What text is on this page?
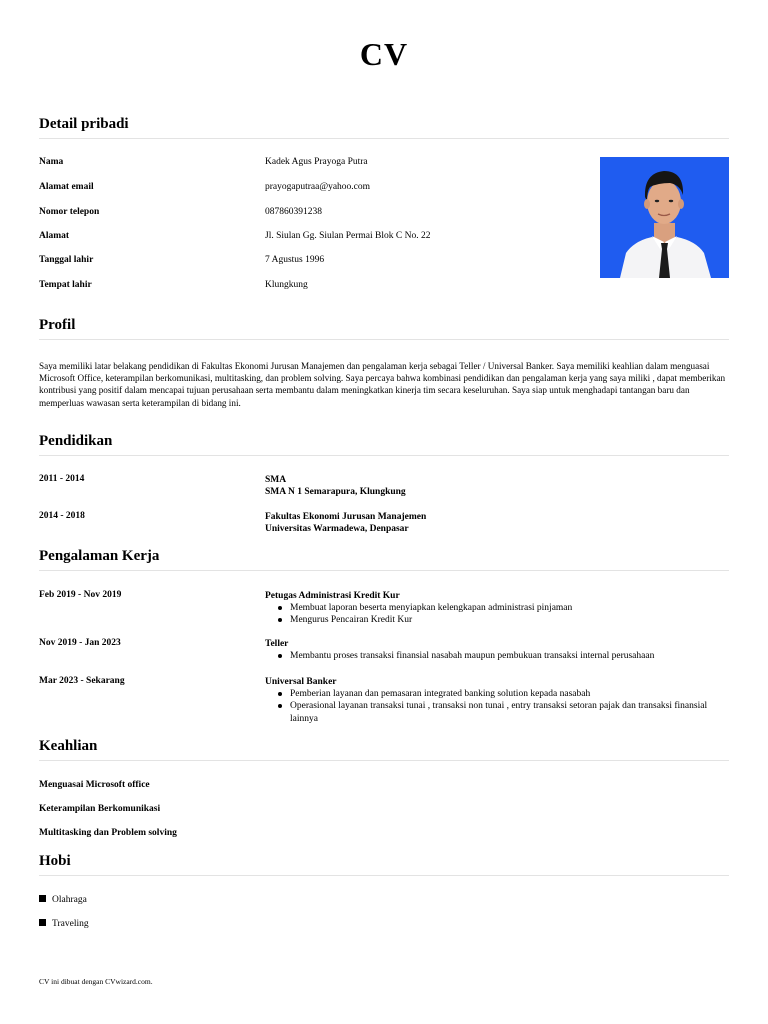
CV
Detail pribadi
Nama	Kadek Agus Prayoga Putra
Alamat email	prayogaputraa@yahoo.com
Nomor telepon	087860391238
Alamat	Jl. Siulan Gg. Siulan Permai Blok C No. 22
Tanggal lahir	7 Agustus 1996
Tempat lahir	Klungkung
Profil
Saya memiliki latar belakang pendidikan di Fakultas Ekonomi Jurusan Manajemen dan pengalaman kerja sebagai Teller / Universal Banker. Saya memiliki keahlian dalam menguasai Microsoft Office, keterampilan berkomunikasi, multitasking, dan problem solving. Saya percaya bahwa kombinasi pendidikan dan pengalaman kerja yang saya miliki , dapat memberikan kontribusi yang positif dalam mencapai tujuan perusahaan serta membantu dalam meningkatkan kinerja tim secara keseluruhan. Saya siap untuk menghadapi tantangan baru dan memperluas wawasan serta keterampilan di bidang ini.
Pendidikan
2011 - 2014	SMA
SMA N 1 Semarapura, Klungkung
2014 - 2018	Fakultas Ekonomi Jurusan Manajemen
Universitas Warmadewa, Denpasar
Pengalaman Kerja
Feb 2019 - Nov 2019	Petugas Administrasi Kredit Kur
Membuat laporan beserta menyiapkan kelengkapan administrasi pinjaman
Mengurus Pencairan Kredit Kur
Nov 2019 - Jan 2023	Teller
Membantu proses transaksi finansial nasabah maupun pembukuan transaksi internal perusahaan
Mar 2023 - Sekarang	Universal Banker
Pemberian layanan dan pemasaran integrated banking solution kepada nasabah
Operasional layanan transaksi tunai , transaksi non tunai , entry transaksi setoran pajak dan transaksi finansial lainnya
Keahlian
Menguasai Microsoft office
Keterampilan Berkomunikasi
Multitasking dan Problem solving
Hobi
Olahraga
Traveling
CV ini dibuat dengan CVwizard.com.
